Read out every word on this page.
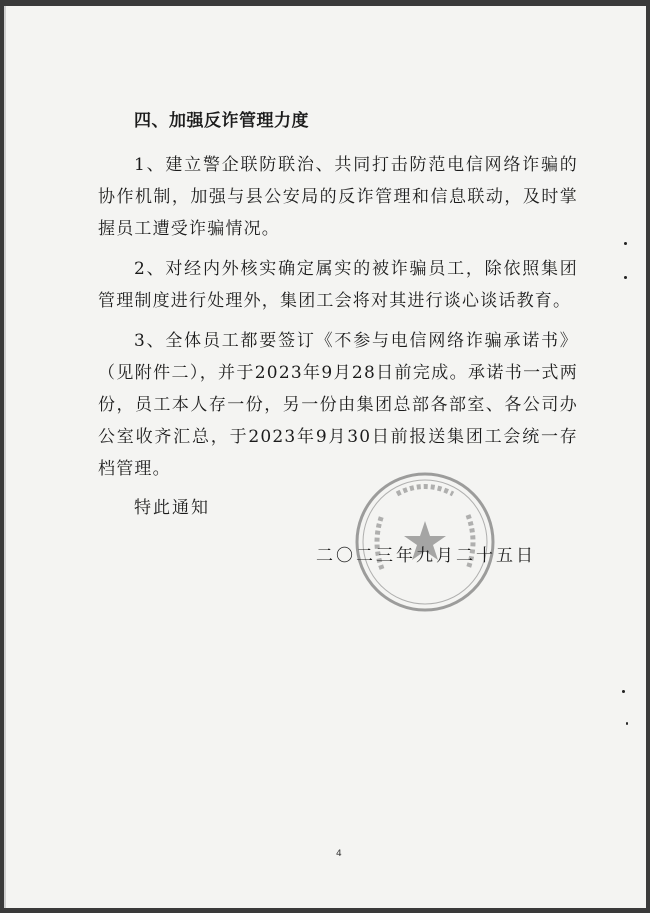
四、加强反诈管理力度

1、建立警企联防联治、共同打击防范电信网络诈骗的协作机制，加强与县公安局的反诈管理和信息联动，及时掌握员工遭受诈骗情况。

2、对经内外核实确定属实的被诈骗员工，除依照集团管理制度进行处理外，集团工会将对其进行谈心谈话教育。

3、全体员工都要签订《不参与电信网络诈骗承诺书》（见附件二），并于2023年9月28日前完成。承诺书一式两份，员工本人存一份，另一份由集团总部各部室、各公司办公室收齐汇总，于2023年9月30日前报送集团工会统一存档管理。

特此通知
二〇二三年九月二十五日
4
